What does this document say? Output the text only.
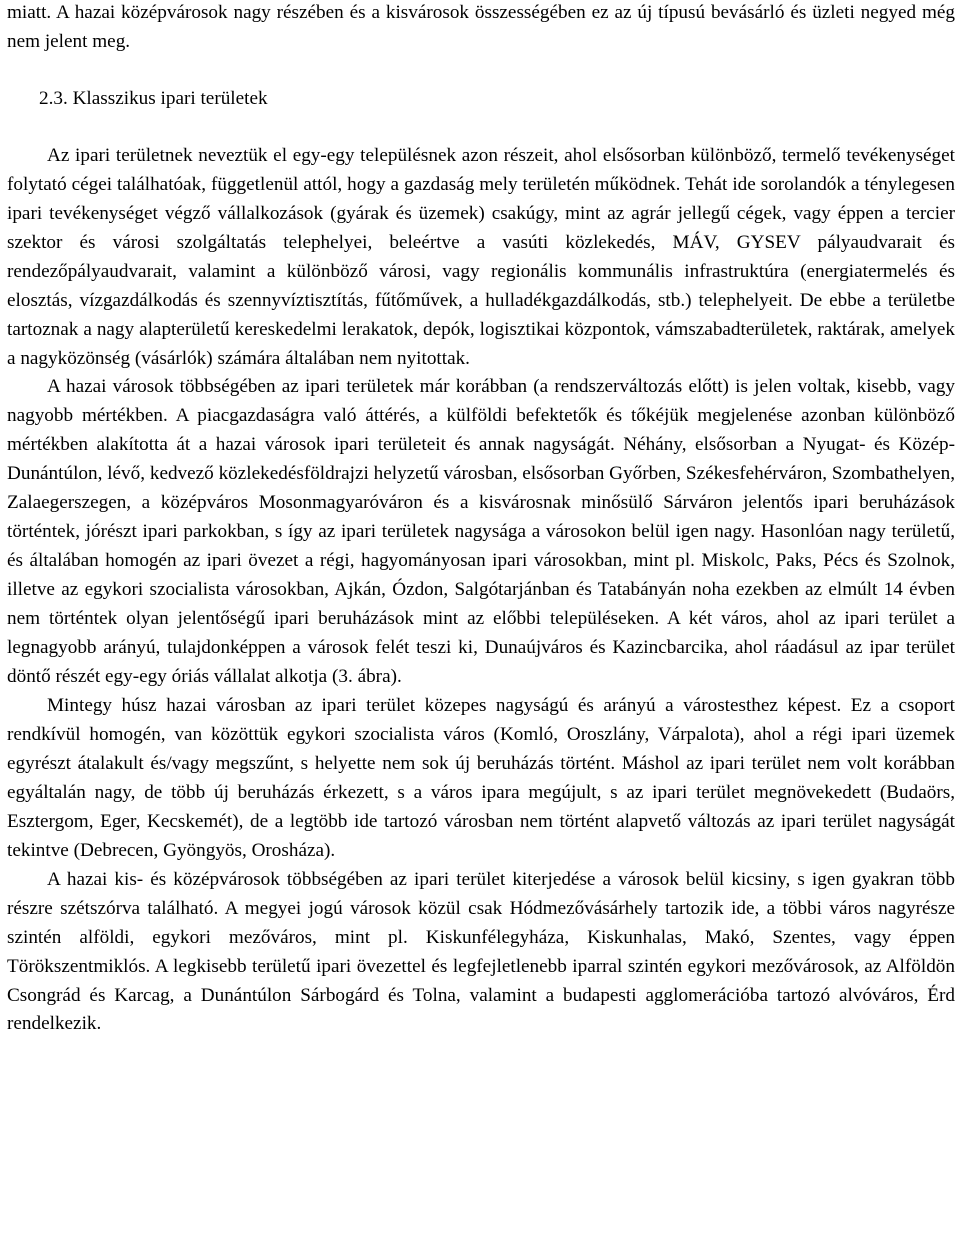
miatt. A hazai középvárosok nagy részében és a kisvárosok összességében ez az új típusú bevásárló és üzleti negyed még nem jelent meg.

2.3. Klasszikus ipari területek

Az ipari területnek neveztük el egy-egy településnek azon részeit, ahol elsősorban különböző, termelő tevékenységet folytató cégei találhatóak, függetlenül attól, hogy a gazdaság mely területén működnek. Tehát ide sorolandók a ténylegesen ipari tevékenységet végző vállalkozások (gyárak és üzemek) csakúgy, mint az agrár jellegű cégek, vagy éppen a tercier szektor és városi szolgáltatás telephelyei, beleértve a vasúti közlekedés, MÁV, GYSEV pályaudvarait és rendezőpályaudvarait, valamint a különböző városi, vagy regionális kommunális infrastruktúra (energiatermelés és elosztás, vízgazdálkodás és szennyvíztisztítás, fűtőművek, a hulladékgazdálkodás, stb.) telephelyeit. De ebbe a területbe tartoznak a nagy alapterületű kereskedelmi lerakatok, depók, logisztikai központok, vámszabadterületek, raktárak, amelyek a nagyközönség (vásárlók) számára általában nem nyitottak.

A hazai városok többségében az ipari területek már korábban (a rendszerváltozás előtt) is jelen voltak, kisebb, vagy nagyobb mértékben. A piacgazdaságra való áttérés, a külföldi befektetők és tőkéjük megjelenése azonban különböző mértékben alakította át a hazai városok ipari területeit és annak nagyságát. Néhány, elsősorban a Nyugat- és Közép-Dunántúlon, lévő, kedvező közlekedésföldrajzi helyzetű városban, elsősorban Győrben, Székesfehérváron, Szombathelyen, Zalaegerszegen, a középváros Mosonmagyaróváron és a kisvárosnak minősülő Sárváron jelentős ipari beruházások történtek, jórészt ipari parkokban, s így az ipari területek nagysága a városokon belül igen nagy. Hasonlóan nagy területű, és általában homogén az ipari övezet a régi, hagyományosan ipari városokban, mint pl. Miskolc, Paks, Pécs és Szolnok, illetve az egykori szocialista városokban, Ajkán, Ózdon, Salgótarjánban és Tatabányán noha ezekben az elmúlt 14 évben nem történtek olyan jelentőségű ipari beruházások mint az előbbi településeken. A két város, ahol az ipari terület a legnagyobb arányú, tulajdonképpen a városok felét teszi ki, Dunaújváros és Kazincbarcika, ahol ráadásul az ipar terület döntő részét egy-egy óriás vállalat alkotja (3. ábra).

Mintegy húsz hazai városban az ipari terület közepes nagyságú és arányú a várostesthez képest. Ez a csoport rendkívül homogén, van közöttük egykori szocialista város (Komló, Oroszlány, Várpalota), ahol a régi ipari üzemek egyrészt átalakult és/vagy megszűnt, s helyette nem sok új beruházás történt. Máshol az ipari terület nem volt korábban egyáltalán nagy, de több új beruházás érkezett, s a város ipara megújult, s az ipari terület megnövekedett (Budaörs, Esztergom, Eger, Kecskemét), de a legtöbb ide tartozó városban nem történt alapvető változás az ipari terület nagyságát tekintve (Debrecen, Gyöngyös, Orosháza).

A hazai kis- és középvárosok többségében az ipari terület kiterjedése a városok belül kicsiny, s igen gyakran több részre szétszórva található. A megyei jogú városok közül csak Hódmezővásárhely tartozik ide, a többi város nagyrésze szintén alföldi, egykori mezőváros, mint pl. Kiskunfélegyháza, Kiskunhalas, Makó, Szentes, vagy éppen Törökszentmiklós. A legkisebb területű ipari övezettel és legfejletlenebb iparral szintén egykori mezővárosok, az Alföldön Csongrád és Karcag, a Dunántúlon Sárbogárd és Tolna, valamint a budapesti agglomerációba tartozó alvóváros, Érd rendelkezik.
